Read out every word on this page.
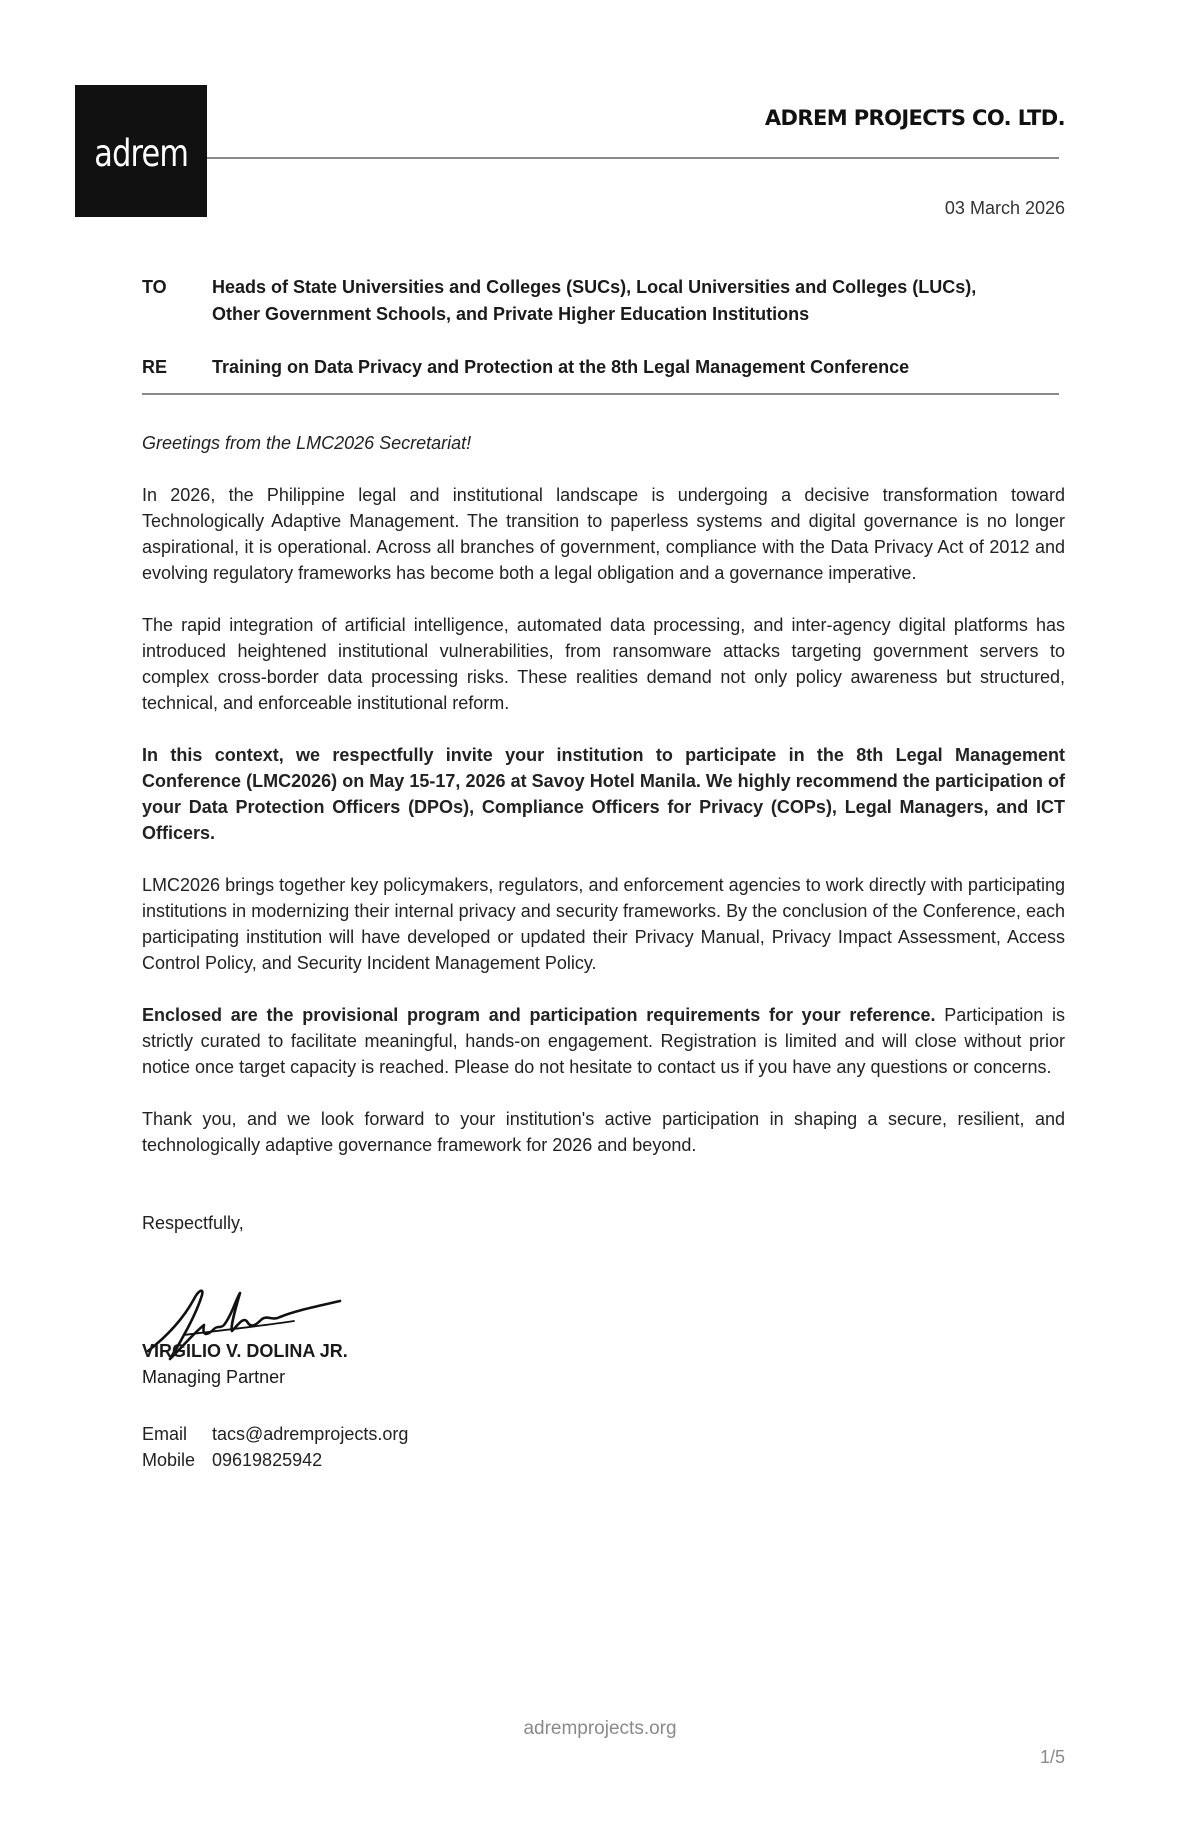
adrem
ADREM PROJECTS CO. LTD.
03 March 2026
TO	Heads of State Universities and Colleges (SUCs), Local Universities and Colleges (LUCs),
Other Government Schools, and Private Higher Education Institutions
RE	Training on Data Privacy and Protection at the 8th Legal Management Conference

Greetings from the LMC2026 Secretariat!

In 2026, the Philippine legal and institutional landscape is undergoing a decisive transformation toward Technologically Adaptive Management. The transition to paperless systems and digital governance is no longer aspirational, it is operational. Across all branches of government, compliance with the Data Privacy Act of 2012 and evolving regulatory frameworks has become both a legal obligation and a governance imperative.

The rapid integration of artificial intelligence, automated data processing, and inter-agency digital platforms has introduced heightened institutional vulnerabilities, from ransomware attacks targeting government servers to complex cross-border data processing risks. These realities demand not only policy awareness but structured, technical, and enforceable institutional reform.

In this context, we respectfully invite your institution to participate in the 8th Legal Management Conference (LMC2026) on May 15-17, 2026 at Savoy Hotel Manila. We highly recommend the participation of your Data Protection Officers (DPOs), Compliance Officers for Privacy (COPs), Legal Managers, and ICT Officers.

LMC2026 brings together key policymakers, regulators, and enforcement agencies to work directly with participating institutions in modernizing their internal privacy and security frameworks. By the conclusion of the Conference, each participating institution will have developed or updated their Privacy Manual, Privacy Impact Assessment, Access Control Policy, and Security Incident Management Policy.

Enclosed are the provisional program and participation requirements for your reference. Participation is strictly curated to facilitate meaningful, hands-on engagement. Registration is limited and will close without prior notice once target capacity is reached. Please do not hesitate to contact us if you have any questions or concerns.

Thank you, and we look forward to your institution's active participation in shaping a secure, resilient, and technologically adaptive governance framework for 2026 and beyond.

Respectfully,

VIRGILIO V. DOLINA JR.
Managing Partner
Email	tacs@adremprojects.org
Mobile 09619825942
adremprojects.org
1/5
